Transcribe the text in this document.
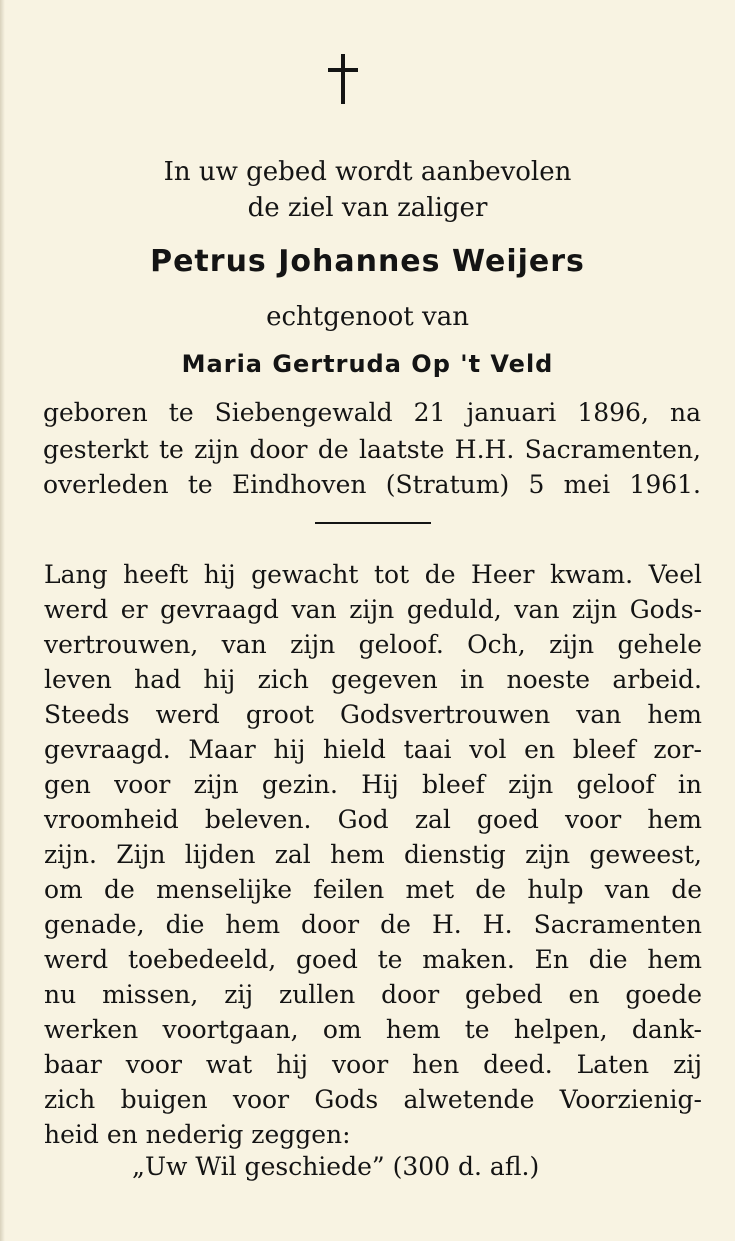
In uw gebed wordt aanbevolen

de ziel van zaliger

Petrus Johannes Weijers

echtgenoot van

Maria Gertruda Op 't Veld

geboren te Siebengewald 21 januari 1896, na

gesterkt te zijn door de laatste H.H. Sacramenten,

overleden te Eindhoven (Stratum) 5 mei 1961.

Lang heeft hij gewacht tot de Heer kwam. Veel

werd er gevraagd van zijn geduld, van zijn Gods-

vertrouwen, van zijn geloof. Och, zijn gehele

leven had hij zich gegeven in noeste arbeid.

Steeds werd groot Godsvertrouwen van hem

gevraagd. Maar hij hield taai vol en bleef zor-

gen voor zijn gezin. Hij bleef zijn geloof in

vroomheid beleven. God zal goed voor hem

zijn. Zijn lijden zal hem dienstig zijn geweest,

om de menselijke feilen met de hulp van de

genade, die hem door de H. H. Sacramenten

werd toebedeeld, goed te maken. En die hem

nu missen, zij zullen door gebed en goede

werken voortgaan, om hem te helpen, dank-

baar voor wat hij voor hen deed. Laten zij

zich buigen voor Gods alwetende Voorzienig-

heid en nederig zeggen:

„Uw Wil geschiede” (300 d. afl.)
